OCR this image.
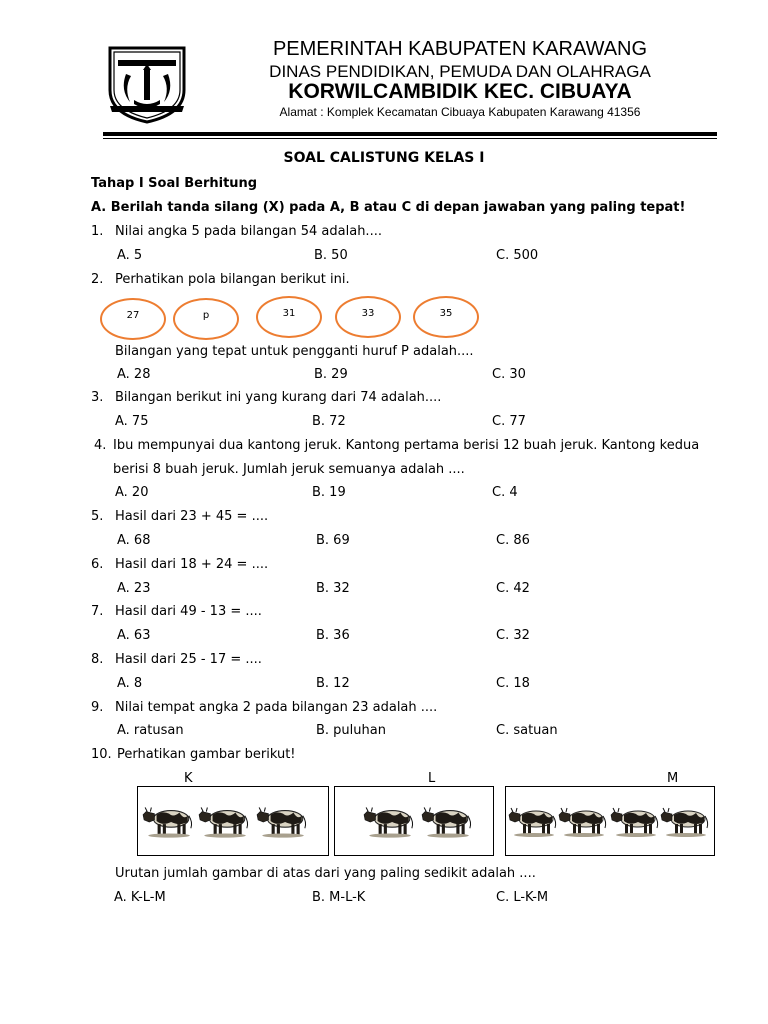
PEMERINTAH KABUPATEN KARAWANG
DINAS PENDIDIKAN, PEMUDA DAN OLAHRAGA
KORWILCAMBIDIK KEC. CIBUAYA
Alamat : Komplek Kecamatan Cibuaya Kabupaten Karawang 41356
SOAL CALISTUNG KELAS I
Tahap I Soal Berhitung
A. Berilah tanda silang (X) pada A, B atau C di depan jawaban yang paling tepat!
1. Nilai angka 5 pada bilangan 54 adalah....
A. 5	B. 50	C. 500
2. Perhatikan pola bilangan berikut ini.
27	p	31	33	35
Bilangan yang tepat untuk pengganti huruf P adalah....
A. 28	B. 29	C. 30
3. Bilangan berikut ini yang kurang dari 74 adalah....
A. 75	B. 72	C. 77
4. Ibu mempunyai dua kantong jeruk. Kantong pertama berisi 12 buah jeruk. Kantong kedua
berisi 8 buah jeruk. Jumlah jeruk semuanya adalah ....
A. 20	B. 19	C. 4
5. Hasil dari 23 + 45 = ....
A. 68	B. 69	C. 86
6. Hasil dari 18 + 24 = ....
A. 23	B. 32	C. 42
7. Hasil dari 49 - 13 = ....
A. 63	B. 36	C. 32
8. Hasil dari 25 - 17 = ....
A. 8	B. 12	C. 18
9. Nilai tempat angka 2 pada bilangan 23 adalah ....
A. ratusan	B. puluhan	C. satuan
10. Perhatikan gambar berikut!
K	L	M
Urutan jumlah gambar di atas dari yang paling sedikit adalah ....
A. K-L-M	B. M-L-K	C. L-K-M
